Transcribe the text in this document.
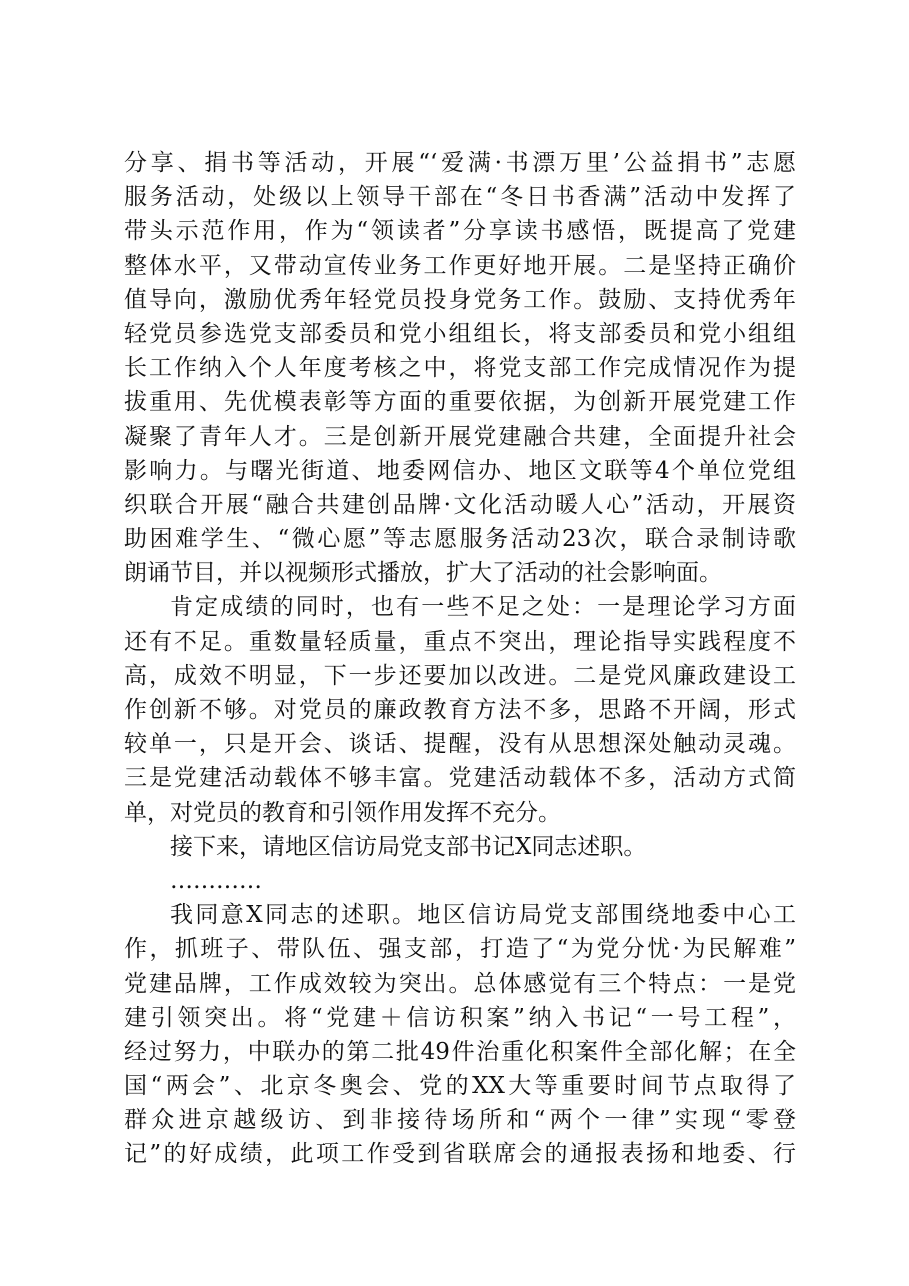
分享、捐书等活动，开展“‘爱满·书漂万里’公益捐书”志愿
服务活动，处级以上领导干部在“冬日书香满”活动中发挥了
带头示范作用，作为“领读者”分享读书感悟，既提高了党建
整体水平，又带动宣传业务工作更好地开展。二是坚持正确价
值导向，激励优秀年轻党员投身党务工作。鼓励、支持优秀年
轻党员参选党支部委员和党小组组长，将支部委员和党小组组
长工作纳入个人年度考核之中，将党支部工作完成情况作为提
拔重用、先优模表彰等方面的重要依据，为创新开展党建工作
凝聚了青年人才。三是创新开展党建融合共建，全面提升社会
影响力。与曙光街道、地委网信办、地区文联等4个单位党组
织联合开展“融合共建创品牌·文化活动暖人心”活动，开展资
助困难学生、“微心愿”等志愿服务活动23次，联合录制诗歌
朗诵节目，并以视频形式播放，扩大了活动的社会影响面。
肯定成绩的同时，也有一些不足之处：一是理论学习方面
还有不足。重数量轻质量，重点不突出，理论指导实践程度不
高，成效不明显，下一步还要加以改进。二是党风廉政建设工
作创新不够。对党员的廉政教育方法不多，思路不开阔，形式
较单一，只是开会、谈话、提醒，没有从思想深处触动灵魂。
三是党建活动载体不够丰富。党建活动载体不多，活动方式简
单，对党员的教育和引领作用发挥不充分。
接下来，请地区信访局党支部书记X同志述职。
…………
我同意X同志的述职。地区信访局党支部围绕地委中心工
作，抓班子、带队伍、强支部，打造了“为党分忧·为民解难”
党建品牌，工作成效较为突出。总体感觉有三个特点：一是党
建引领突出。将“党建＋信访积案”纳入书记“一号工程”，
经过努力，中联办的第二批49件治重化积案件全部化解；在全
国“两会”、北京冬奥会、党的XX大等重要时间节点取得了
群众进京越级访、到非接待场所和“两个一律”实现“零登
记”的好成绩，此项工作受到省联席会的通报表扬和地委、行
